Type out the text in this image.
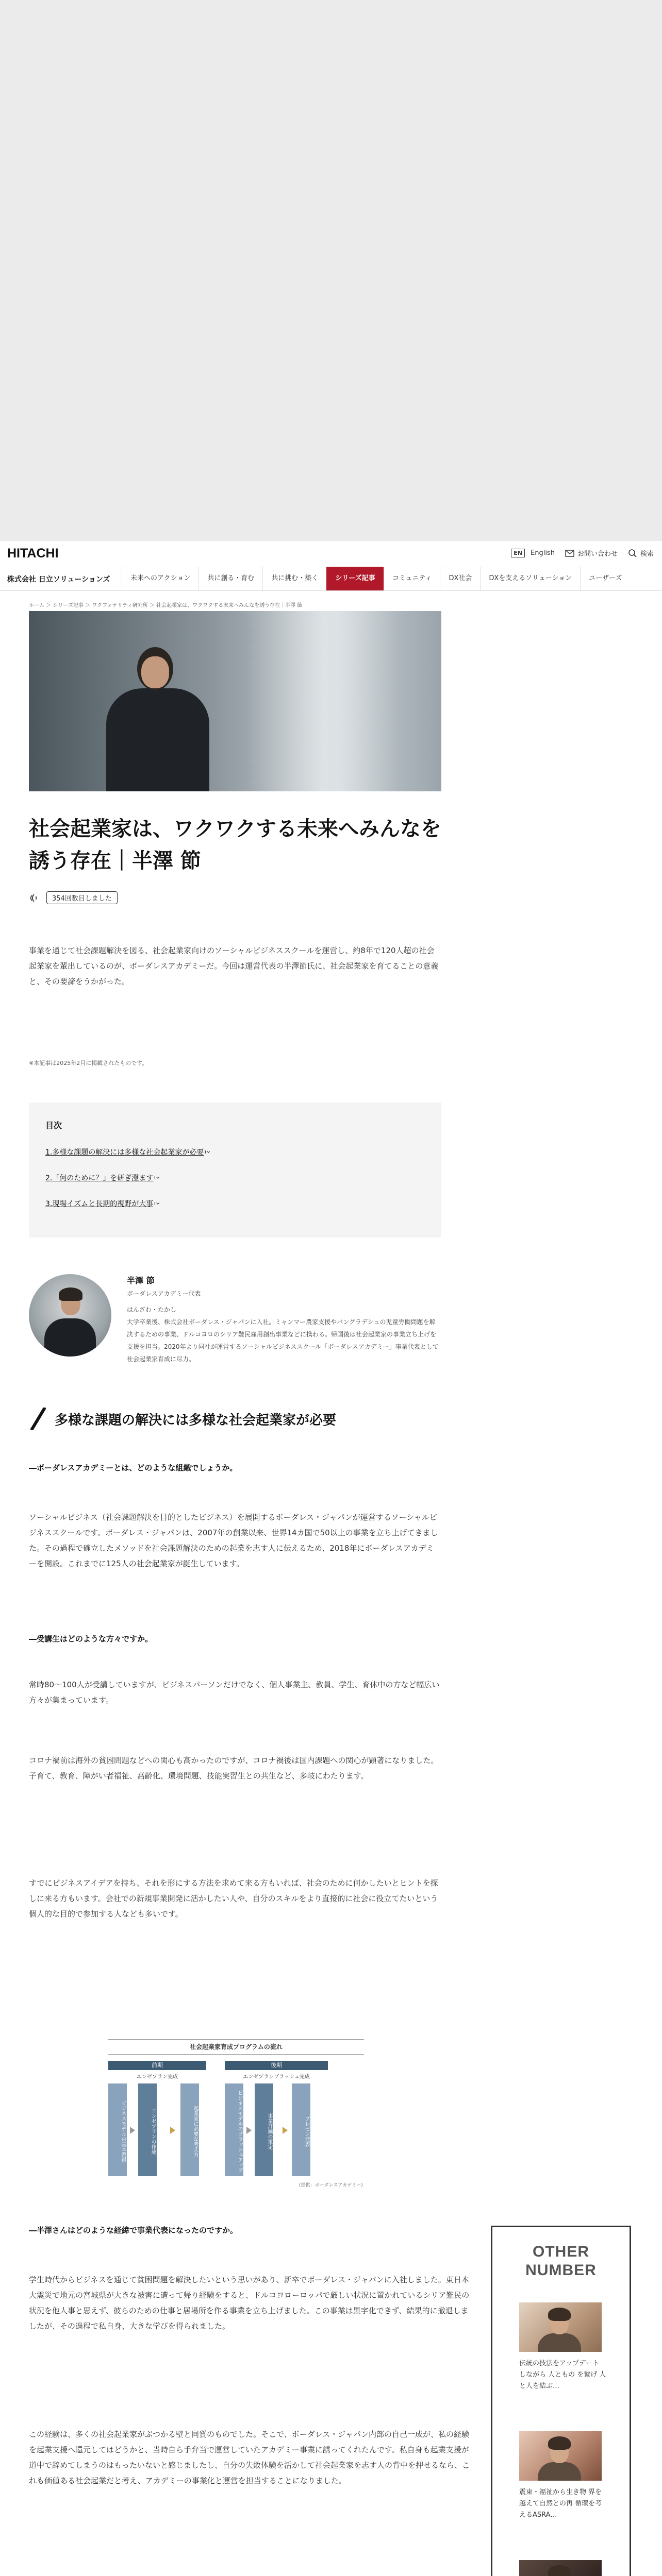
HITACHI	EN	English	お問い合わせ	検索
株式会社 日立ソリューションズ	未来へのアクション	共に創る・育む	共に挑む・築く	シリーズ記事	コミュニティ	DX社会	DXを支えるソリューション	ユーザーズ
ホーム ＞ シリーズ記事 ＞ ワクフォナリティ研究所 ＞ 社会起業家は、ワクワクする未来へみんなを誘う存在｜半澤 節
社会起業家は、ワクワクする未来へみんなを誘う存在｜半澤 節
354回数目しました

事業を通じて社会課題解決を図る、社会起業家向けのソーシャルビジネススクールを運営し、約8年で120人超の社会起業家を輩出しているのが、ボーダレスアカデミーだ。今回は運営代表の半澤節氏に、社会起業家を育てることの意義と、その要諦をうかがった。

※本記事は2025年2月に掲載されたものです。
目次
1.多様な課題の解決には多様な社会起業家が必要 ›
2.「何のために？」を研ぎ澄ます ›
3.現場イズムと長期的視野が大事 ›
半澤 節
ボーダレスアカデミー代表
はんざわ・たかし
大学卒業後、株式会社ボーダレス・ジャパンに入社。ミャンマー農家支援やバングラデシュの児童労働問題を解決するための事業、ドルコヨロのシリア難民雇用創出事業などに携わる。帰国後は社会起業家の事業立ち上げを支援を担当。2020年より同社が運営するソーシャルビジネススクール「ボーダレスアカデミー」事業代表として社会起業家育成に尽力。
多様な課題の解決には多様な社会起業家が必要
―ボーダレスアカデミーとは、どのような組織でしょうか。

ソーシャルビジネス（社会課題解決を目的としたビジネス）を展開するボーダレス・ジャパンが運営するソーシャルビジネススクールです。ボーダレス・ジャパンは、2007年の創業以来、世界14カ国で50以上の事業を立ち上げてきました。その過程で確立したメソッドを社会課題解決のための起業を志す人に伝えるため、2018年にボーダレスアカデミーを開設。これまでに125人の社会起業家が誕生しています。

―受講生はどのような方々ですか。

常時80～100人が受講していますが、ビジネスパーソンだけでなく、個人事業主、教員、学生、育休中の方など幅広い方々が集まっています。

コロナ禍前は海外の貧困問題などへの関心も高かったのですが、コロナ禍後は国内課題への関心が顕著になりました。子育て、教育、障がい者福祉、高齢化、環境問題、技能実習生との共生など、多岐にわたります。

すでにビジネスアイデアを持ち、それを形にする方法を求めて来る方もいれば、社会のために何かしたいとヒントを探しに来る方もいます。会社での新規事業開発に活かしたい人や、自分のスキルをより直接的に社会に役立てたいという個人的な目的で参加する人なども多いです。

社会起業家育成プログラムの流れ
前期	後期
エンゼプラン完成	エンゼプランブラッシュ完成
ビジネスモデルの基本習得	エンゼプランの作成	起業家に必要な考え方	ビジネスモデルのブラッシュアップ	事業計画の策定	プレゼン発表
(提供：ボーダレスアカデミー)
―半澤さんはどのような経緯で事業代表になったのですか。

学生時代からビジネスを通じて貧困問題を解決したいという思いがあり、新卒でボーダレス・ジャパンに入社しました。東日本大震災で地元の宮城県が大きな被害に遭って帰り経験をすると、ドルコヨローロッパで厳しい状況に置かれているシリア難民の状況を他人事と思えず、彼らのための仕事と居場所を作る事業を立ち上げました。この事業は黒字化できず、結果的に撤退しましたが、その過程で私自身、大きな学びを得られました。

この経験は、多くの社会起業家がぶつかる壁と同質のものでした。そこで、ボーダレス・ジャパン内部の自己一成が、私の経験を起業支援へ還元してはどうかと、当時自ら手弁当で運営していたアカデミー事業に誘ってくれたんです。私自身も起業支援が道中で辞めてしまうのはもったいないと感じましたし、自分の失敗体験を活かして社会起業家を志す人の背中を押せるなら、これも価値ある社会起業だと考え、アカデミーの事業化と運営を担当することになりました。

OTHER
NUMBER
伝統の技法をアップデート しながら 人ともの を繋げ 人と人を結ぶ…
震東・福祉から生き物 界を越えて自然との再 循環を考えるASRA…
